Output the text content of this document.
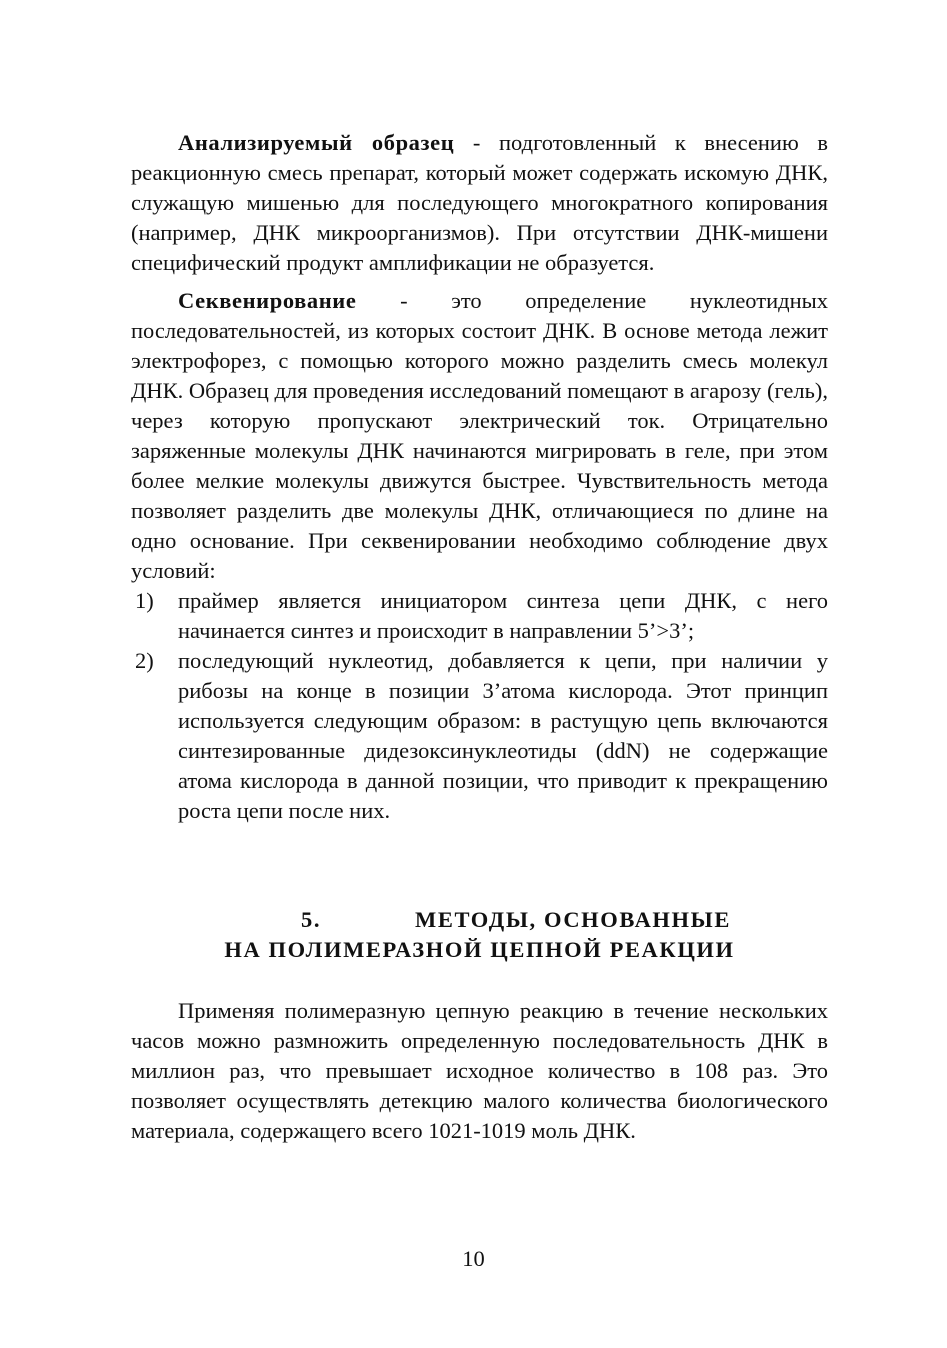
Анализируемый образец - подготовленный к внесению в реакционную смесь препарат, который может содержать искомую ДНК, служащую мишенью для последующего многократного копирования (например, ДНК микроорганизмов). При отсутствии ДНК-мишени специфический продукт амплификации не образуется.

Секвенирование - это определение нуклеотидных последовательностей, из которых состоит ДНК. В основе метода лежит электрофорез, с помощью которого можно разделить смесь молекул ДНК. Образец для проведения исследований помещают в агарозу (гель), через которую пропускают электрический ток. Отрицательно заряженные молекулы ДНК начинаются мигрировать в геле, при этом более мелкие молекулы движутся быстрее. Чувствительность метода позволяет разделить две молекулы ДНК, отличающиеся по длине на одно основание. При секвенировании необходимо соблюдение двух условий:

1) праймер является инициатором синтеза цепи ДНК, с него начинается синтез и происходит в направлении 5’>3’;
2) последующий нуклеотид, добавляется к цепи, при наличии у рибозы на конце в позиции 3’атома кислорода. Этот принцип используется следующим образом: в растущую цепь включаются синтезированные дидезоксинуклеотиды (ddN) не содержащие атома кислорода в данной позиции, что приводит к прекращению роста цепи после них.
5.	МЕТОДЫ, ОСНОВАННЫЕ
НА ПОЛИМЕРАЗНОЙ ЦЕПНОЙ РЕАКЦИИ

Применяя полимеразную цепную реакцию в течение нескольких часов можно размножить определенную последовательность ДНК в миллион раз, что превышает исходное количество в 108 раз. Это позволяет осуществлять детекцию малого количества биологического материала, содержащего всего 1021-1019 моль ДНК.

10
